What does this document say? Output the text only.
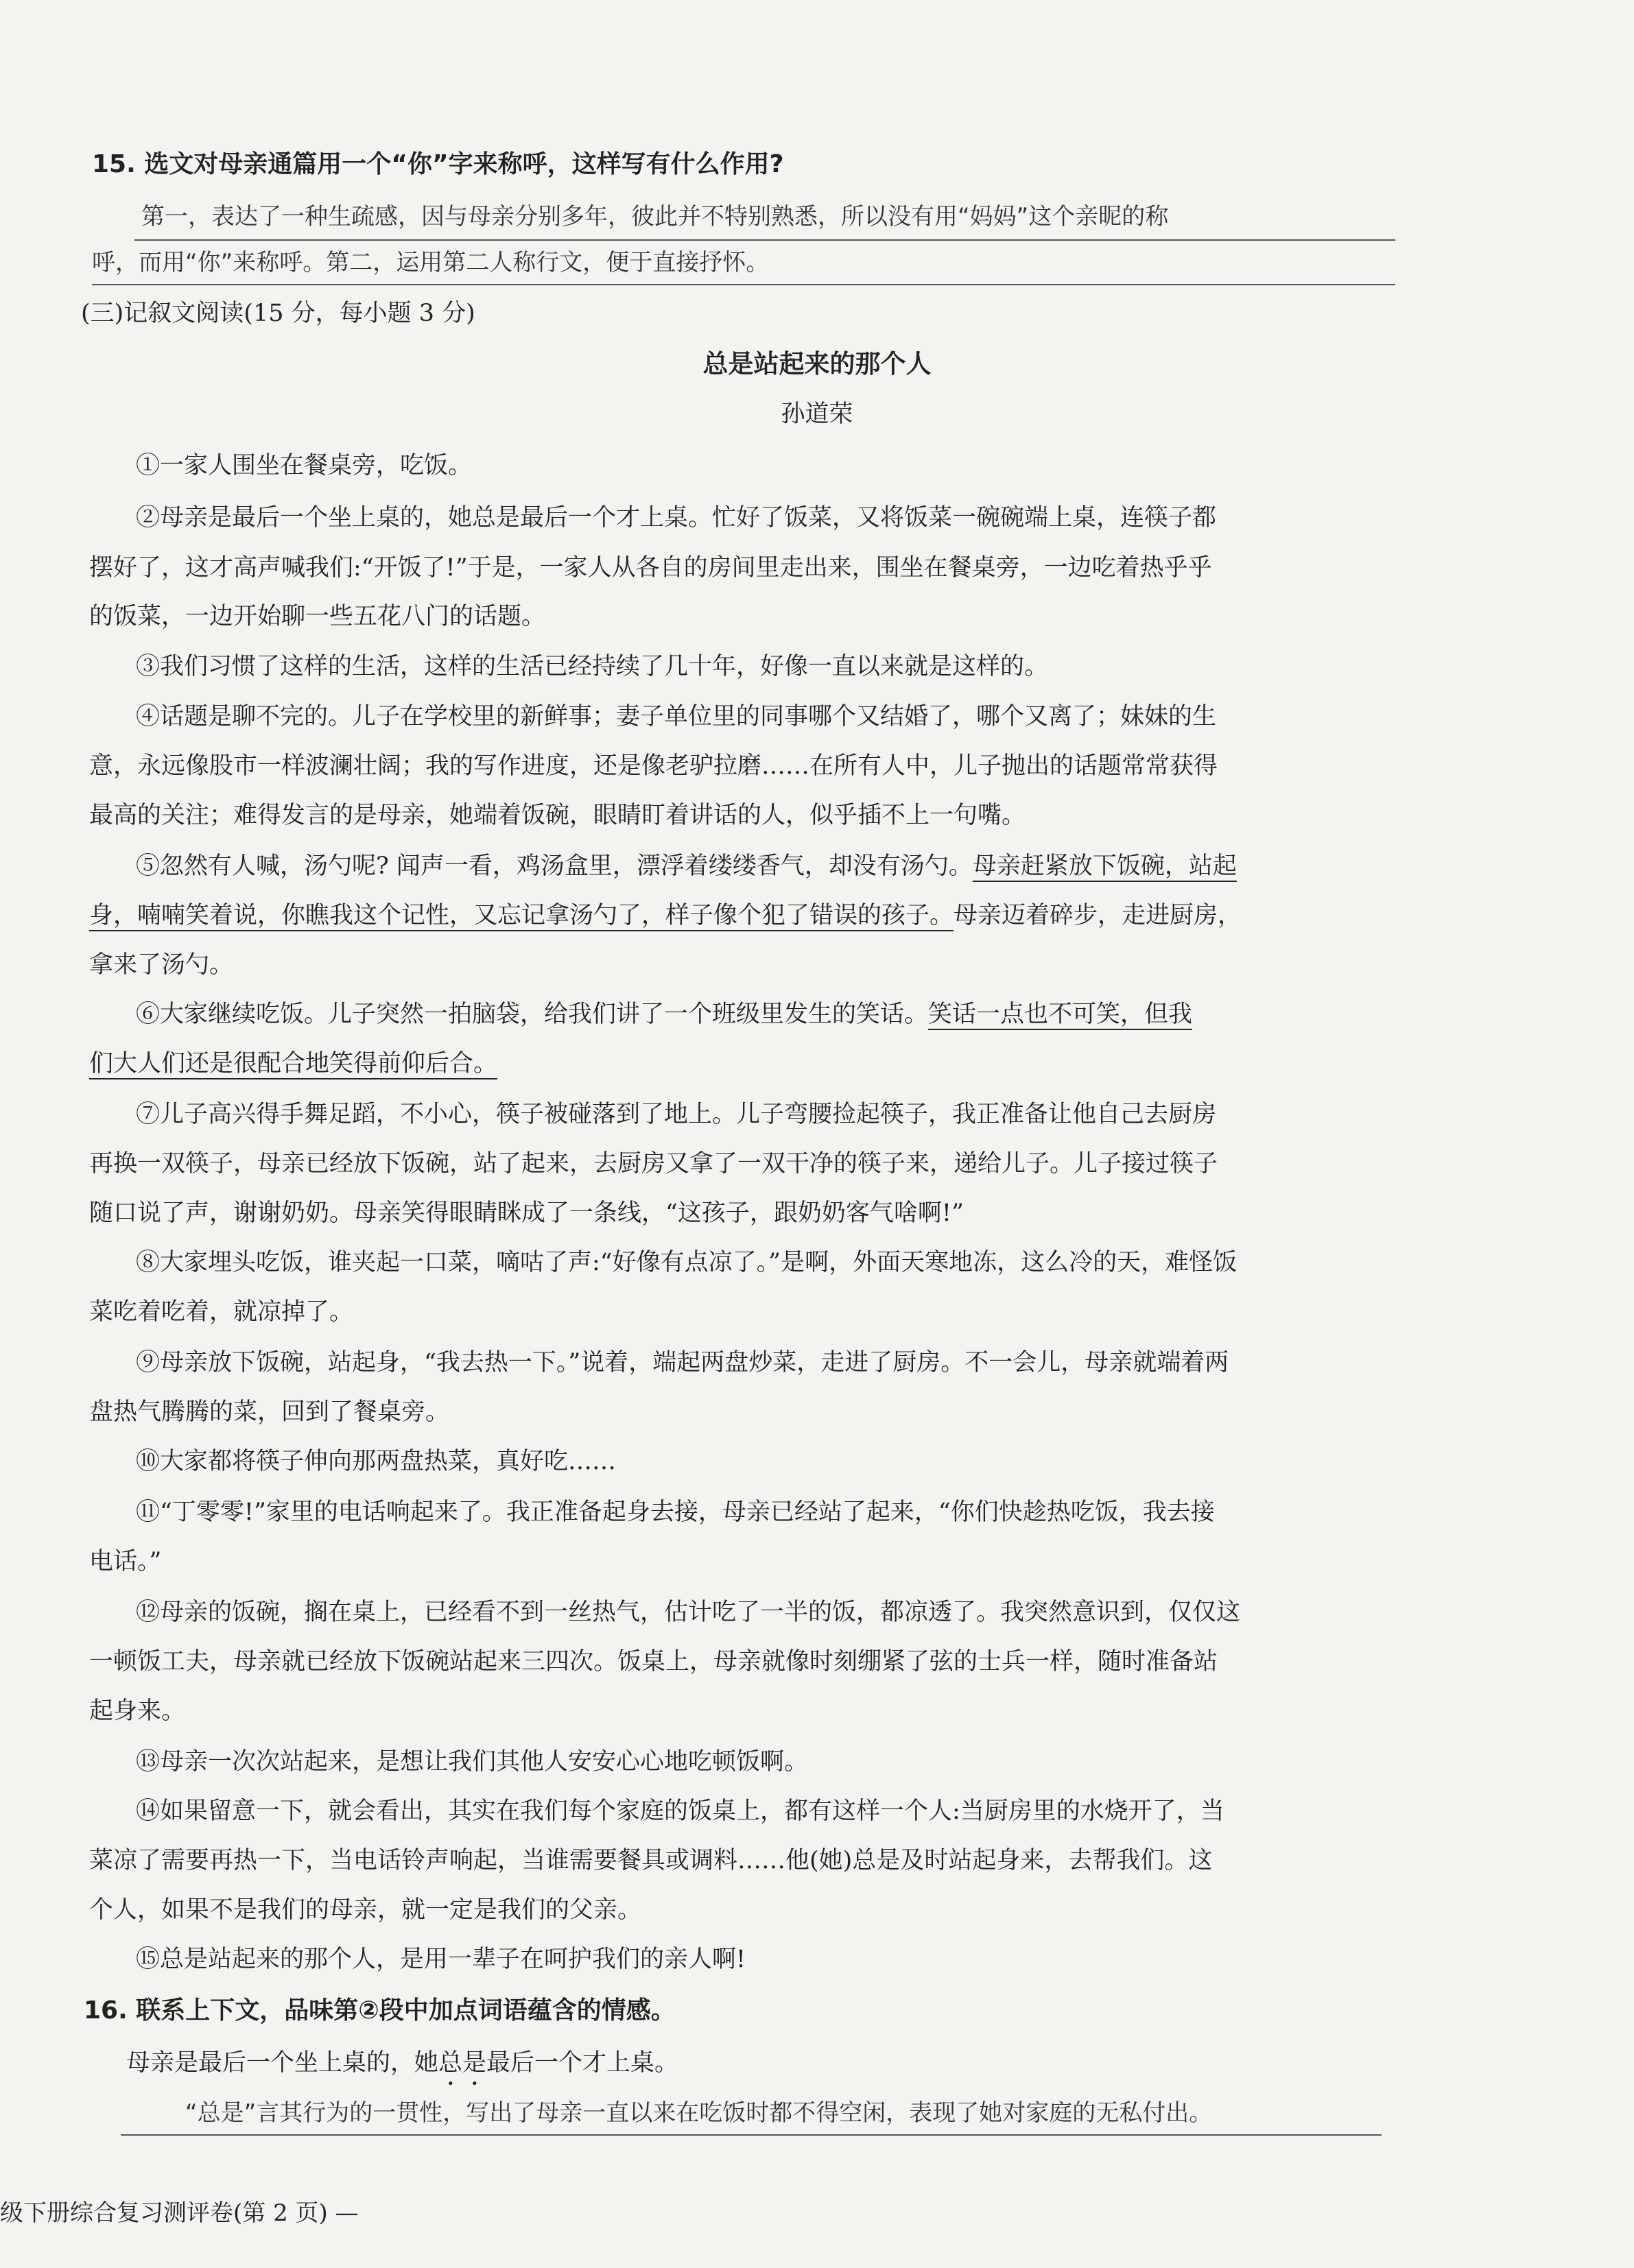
15. 选文对母亲通篇用一个“你”字来称呼，这样写有什么作用?
第一，表达了一种生疏感，因与母亲分别多年，彼此并不特别熟悉，所以没有用“妈妈”这个亲昵的称
呼，而用“你”来称呼。第二，运用第二人称行文，便于直接抒怀。
(三)记叙文阅读(15 分，每小题 3 分)
总是站起来的那个人
孙道荣
①一家人围坐在餐桌旁，吃饭。
②母亲是最后一个坐上桌的，她总是最后一个才上桌。忙好了饭菜，又将饭菜一碗碗端上桌，连筷子都
摆好了，这才高声喊我们:“开饭了!”于是，一家人从各自的房间里走出来，围坐在餐桌旁，一边吃着热乎乎
的饭菜，一边开始聊一些五花八门的话题。
③我们习惯了这样的生活，这样的生活已经持续了几十年，好像一直以来就是这样的。
④话题是聊不完的。儿子在学校里的新鲜事；妻子单位里的同事哪个又结婚了，哪个又离了；妹妹的生
意，永远像股市一样波澜壮阔；我的写作进度，还是像老驴拉磨……在所有人中，儿子抛出的话题常常获得
最高的关注；难得发言的是母亲，她端着饭碗，眼睛盯着讲话的人，似乎插不上一句嘴。
⑤忽然有人喊，汤勺呢? 闻声一看，鸡汤盒里，漂浮着缕缕香气，却没有汤勺。母亲赶紧放下饭碗，站起
身，喃喃笑着说，你瞧我这个记性，又忘记拿汤勺了，样子像个犯了错误的孩子。母亲迈着碎步，走进厨房，
拿来了汤勺。
⑥大家继续吃饭。儿子突然一拍脑袋，给我们讲了一个班级里发生的笑话。笑话一点也不可笑，但我
们大人们还是很配合地笑得前仰后合。
⑦儿子高兴得手舞足蹈，不小心，筷子被碰落到了地上。儿子弯腰捡起筷子，我正准备让他自己去厨房
再换一双筷子，母亲已经放下饭碗，站了起来，去厨房又拿了一双干净的筷子来，递给儿子。儿子接过筷子
随口说了声，谢谢奶奶。母亲笑得眼睛眯成了一条线，“这孩子，跟奶奶客气啥啊!”
⑧大家埋头吃饭，谁夹起一口菜，嘀咕了声:“好像有点凉了。”是啊，外面天寒地冻，这么冷的天，难怪饭
菜吃着吃着，就凉掉了。
⑨母亲放下饭碗，站起身，“我去热一下。”说着，端起两盘炒菜，走进了厨房。不一会儿，母亲就端着两
盘热气腾腾的菜，回到了餐桌旁。
⑩大家都将筷子伸向那两盘热菜，真好吃……
⑪“丁零零!”家里的电话响起来了。我正准备起身去接，母亲已经站了起来，“你们快趁热吃饭，我去接
电话。”
⑫母亲的饭碗，搁在桌上，已经看不到一丝热气，估计吃了一半的饭，都凉透了。我突然意识到，仅仅这
一顿饭工夫，母亲就已经放下饭碗站起来三四次。饭桌上，母亲就像时刻绷紧了弦的士兵一样，随时准备站
起身来。
⑬母亲一次次站起来，是想让我们其他人安安心心地吃顿饭啊。
⑭如果留意一下，就会看出，其实在我们每个家庭的饭桌上，都有这样一个人:当厨房里的水烧开了，当
菜凉了需要再热一下，当电话铃声响起，当谁需要餐具或调料……他(她)总是及时站起身来，去帮我们。这
个人，如果不是我们的母亲，就一定是我们的父亲。
⑮总是站起来的那个人，是用一辈子在呵护我们的亲人啊!
16. 联系上下文，品味第②段中加点词语蕴含的情感。
母亲是最后一个坐上桌的，她总是最后一个才上桌。
“总是”言其行为的一贯性，写出了母亲一直以来在吃饭时都不得空闲，表现了她对家庭的无私付出。
级下册综合复习测评卷(第 2 页) —
